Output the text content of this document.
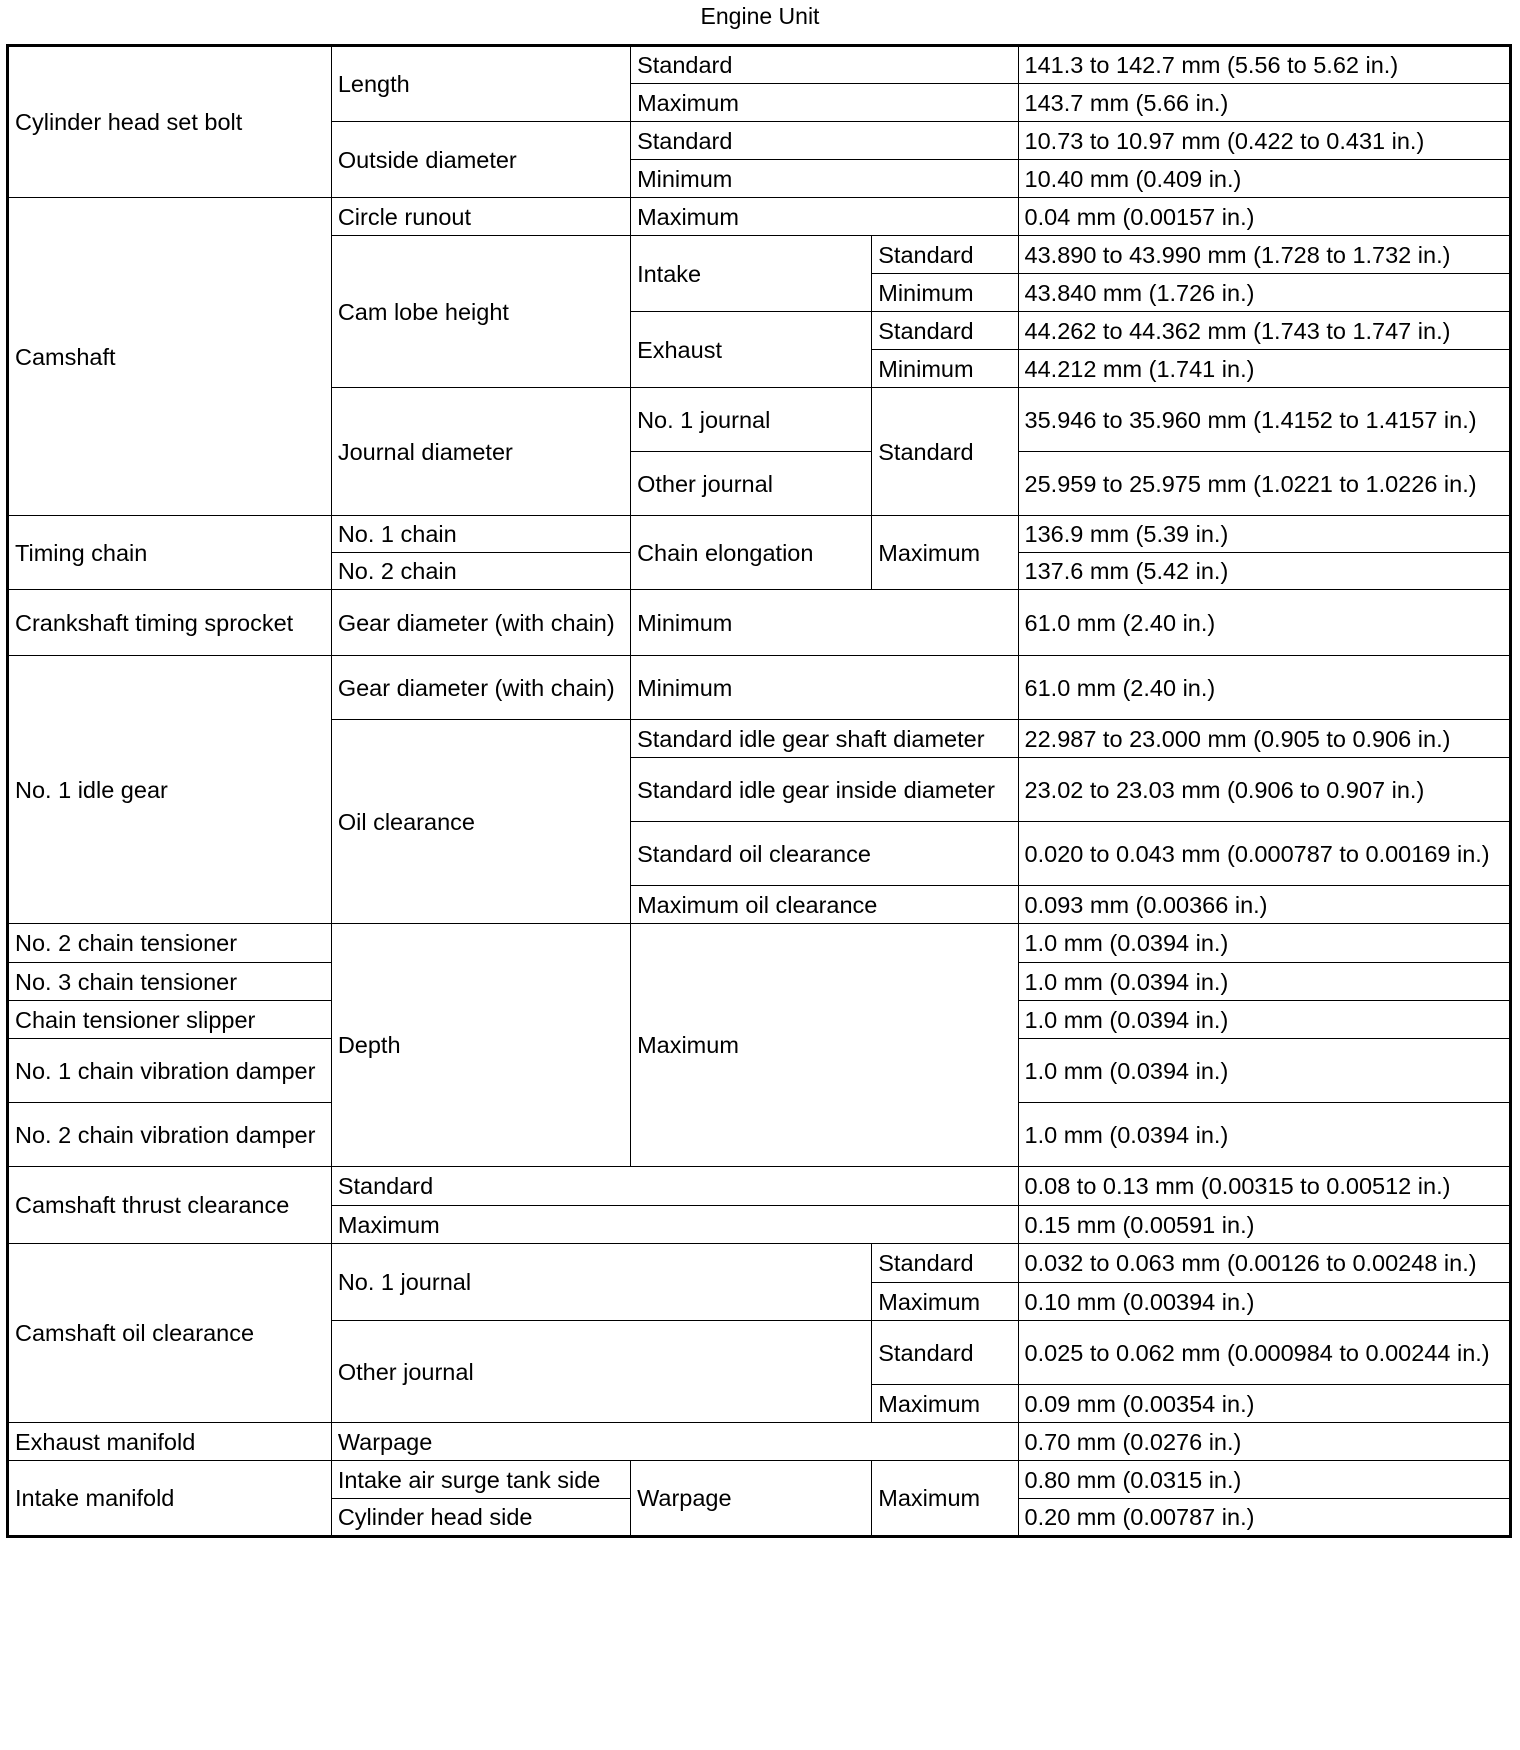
Engine Unit
Cylinder head set bolt	Length	Standard		141.3 to 142.7 mm (5.56 to 5.62 in.)
		Maximum		143.7 mm (5.66 in.)
	Outside diameter	Standard		10.73 to 10.97 mm (0.422 to 0.431 in.)
		Minimum		10.40 mm (0.409 in.)
Camshaft	Circle runout	Maximum		0.04 mm (0.00157 in.)
	Cam lobe height	Intake	Standard	43.890 to 43.990 mm (1.728 to 1.732 in.)
			Minimum	43.840 mm (1.726 in.)
		Exhaust	Standard	44.262 to 44.362 mm (1.743 to 1.747 in.)
			Minimum	44.212 mm (1.741 in.)
	Journal diameter	No. 1 journal	Standard	35.946 to 35.960 mm (1.4152 to 1.4157 in.)
		Other journal		25.959 to 25.975 mm (1.0221 to 1.0226 in.)
Timing chain	No. 1 chain	Chain elongation	Maximum	136.9 mm (5.39 in.)
	No. 2 chain			137.6 mm (5.42 in.)
Crankshaft timing sprocket	Gear diameter (with chain)	Minimum		61.0 mm (2.40 in.)
No. 1 idle gear	Gear diameter (with chain)	Minimum		61.0 mm (2.40 in.)
	Oil clearance	Standard idle gear shaft diameter		22.987 to 23.000 mm (0.905 to 0.906 in.)
		Standard idle gear inside diameter		23.02 to 23.03 mm (0.906 to 0.907 in.)
		Standard oil clearance		0.020 to 0.043 mm (0.000787 to 0.00169 in.)
		Maximum oil clearance		0.093 mm (0.00366 in.)
No. 2 chain tensioner	Depth	Maximum		1.0 mm (0.0394 in.)
No. 3 chain tensioner				1.0 mm (0.0394 in.)
Chain tensioner slipper				1.0 mm (0.0394 in.)
No. 1 chain vibration damper				1.0 mm (0.0394 in.)
No. 2 chain vibration damper				1.0 mm (0.0394 in.)
Camshaft thrust clearance	Standard			0.08 to 0.13 mm (0.00315 to 0.00512 in.)
	Maximum			0.15 mm (0.00591 in.)
Camshaft oil clearance	No. 1 journal		Standard	0.032 to 0.063 mm (0.00126 to 0.00248 in.)
			Maximum	0.10 mm (0.00394 in.)
	Other journal		Standard	0.025 to 0.062 mm (0.000984 to 0.00244 in.)
			Maximum	0.09 mm (0.00354 in.)
Exhaust manifold	Warpage			0.70 mm (0.0276 in.)
Intake manifold	Intake air surge tank side	Warpage	Maximum	0.80 mm (0.0315 in.)
	Cylinder head side			0.20 mm (0.00787 in.)
